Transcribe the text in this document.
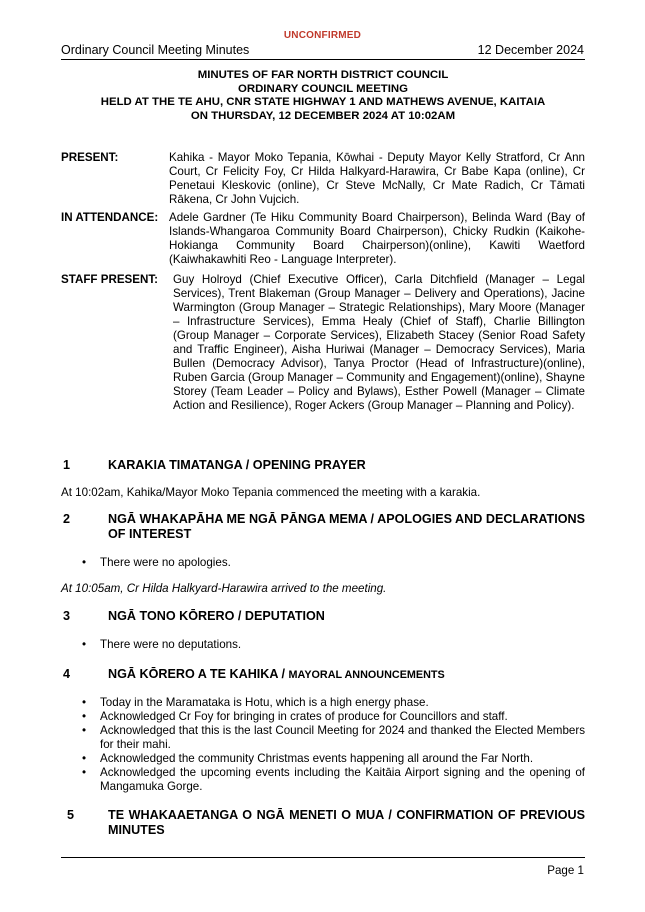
UNCONFIRMED
Ordinary Council Meeting Minutes	12 December 2024
MINUTES OF FAR NORTH DISTRICT COUNCIL
ORDINARY COUNCIL MEETING
HELD AT THE TE AHU, CNR STATE HIGHWAY 1 AND MATHEWS AVENUE, KAITAIA
ON THURSDAY, 12 DECEMBER 2024 AT 10:02AM
PRESENT:	Kahika - Mayor Moko Tepania, Kōwhai - Deputy Mayor Kelly Stratford, Cr Ann Court, Cr Felicity Foy, Cr Hilda Halkyard-Harawira, Cr Babe Kapa (online), Cr Penetaui Kleskovic (online), Cr Steve McNally, Cr Mate Radich, Cr Tāmati Rākena, Cr John Vujcich.
IN ATTENDANCE: Adele Gardner (Te Hiku Community Board Chairperson), Belinda Ward (Bay of Islands-Whangaroa Community Board Chairperson), Chicky Rudkin (Kaikohe-Hokianga Community Board Chairperson)(online), Kawiti Waetford (Kaiwhakawhiti Reo - Language Interpreter).
STAFF PRESENT: Guy Holroyd (Chief Executive Officer), Carla Ditchfield (Manager – Legal Services), Trent Blakeman (Group Manager – Delivery and Operations), Jacine Warmington (Group Manager – Strategic Relationships), Mary Moore (Manager – Infrastructure Services), Emma Healy (Chief of Staff), Charlie Billington (Group Manager – Corporate Services), Elizabeth Stacey (Senior Road Safety and Traffic Engineer), Aisha Huriwai (Manager – Democracy Services), Maria Bullen (Democracy Advisor), Tanya Proctor (Head of Infrastructure)(online), Ruben Garcia (Group Manager – Community and Engagement)(online), Shayne Storey (Team Leader – Policy and Bylaws), Esther Powell (Manager – Climate Action and Resilience), Roger Ackers (Group Manager – Planning and Policy).
1	KARAKIA TIMATANGA / OPENING PRAYER
At 10:02am, Kahika/Mayor Moko Tepania commenced the meeting with a karakia.
2	NGĀ WHAKAPĀHA ME NGĀ PĀNGA MEMA / APOLOGIES AND DECLARATIONS OF INTEREST
• There were no apologies.
At 10:05am, Cr Hilda Halkyard-Harawira arrived to the meeting.
3	NGĀ TONO KŌRERO / DEPUTATION
• There were no deputations.
4	NGĀ KŌRERO A TE KAHIKA / MAYORAL ANNOUNCEMENTS
• Today in the Maramataka is Hotu, which is a high energy phase.
• Acknowledged Cr Foy for bringing in crates of produce for Councillors and staff.
• Acknowledged that this is the last Council Meeting for 2024 and thanked the Elected Members for their mahi.
• Acknowledged the community Christmas events happening all around the Far North.
• Acknowledged the upcoming events including the Kaitāia Airport signing and the opening of Mangamuka Gorge.
5	TE WHAKAAETANGA O NGĀ MENETI O MUA / CONFIRMATION OF PREVIOUS MINUTES
Page 1
